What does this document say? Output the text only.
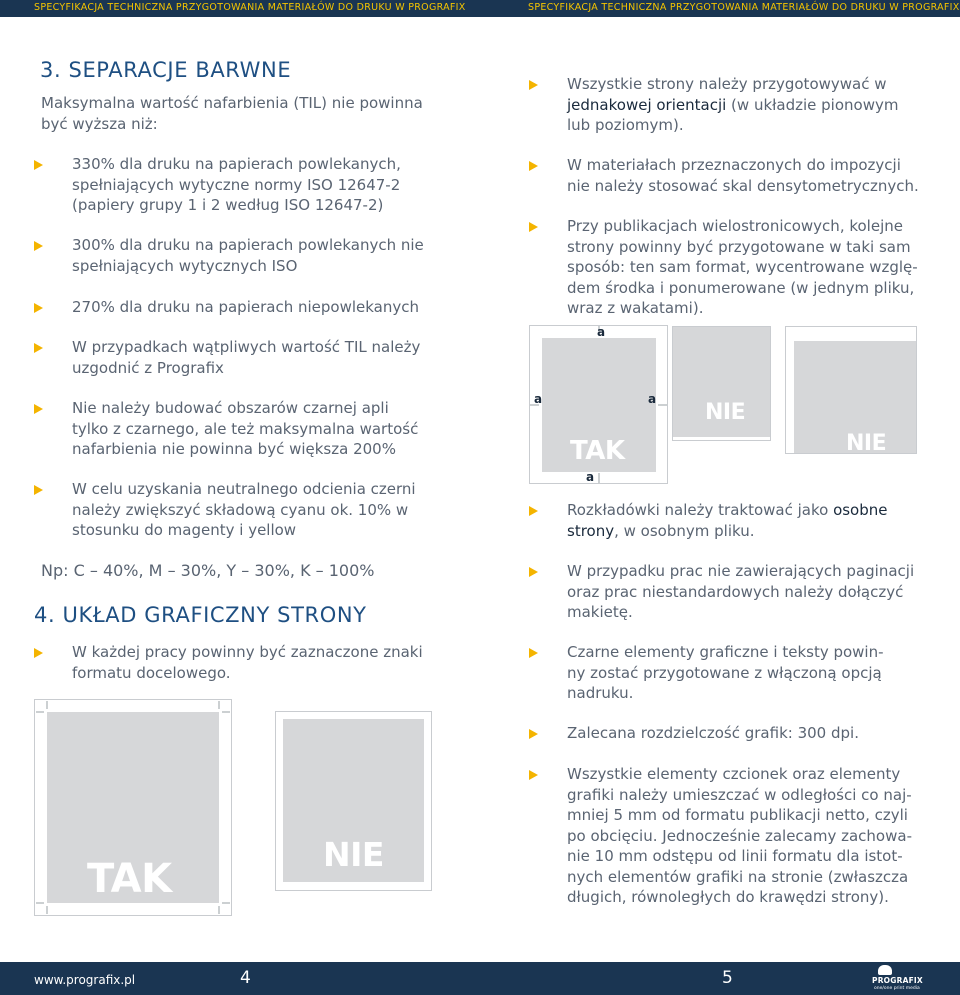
SPECYFIKACJA TECHNICZNA PRZYGOTOWANIA MATERIAŁÓW DO DRUKU W PROGRAFIX	SPECYFIKACJA TECHNICZNA PRZYGOTOWANIA MATERIAŁÓW DO DRUKU W PROGRAFIX
3. SEPARACJE BARWNE
Maksymalna wartość nafarbienia (TIL) nie powinna
być wyższa niż:
330% dla druku na papierach powlekanych,
spełniających wytyczne normy ISO 12647-2
(papiery grupy 1 i 2 według ISO 12647-2)
300% dla druku na papierach powlekanych nie
spełniających wytycznych ISO
270% dla druku na papierach niepowlekanych
W przypadkach wątpliwych wartość TIL należy
uzgodnić z Prografix
Nie należy budować obszarów czarnej apli
tylko z czarnego, ale też maksymalna wartość
nafarbienia nie powinna być większa 200%
W celu uzyskania neutralnego odcienia czerni
należy zwiększyć składową cyanu ok. 10% w
stosunku do magenty i yellow
Np: C – 40%, M – 30%, Y – 30%, K – 100%
4. UKŁAD GRAFICZNY STRONY
W każdej pracy powinny być zaznaczone znaki
formatu docelowego.
TAK
NIE
Wszystkie strony należy przygotowywać w
jednakowej orientacji (w układzie pionowym
lub poziomym).
W materiałach przeznaczonych do impozycji
nie należy stosować skal densytometrycznych.
Przy publikacjach wielostronicowych, kolejne
strony powinny być przygotowane w taki sam
sposób: ten sam format, wycentrowane wzglę-
dem środka i ponumerowane (w jednym pliku,
wraz z wakatami).
TAK
a
a	a
a
NIE
NIE
Rozkładówki należy traktować jako osobne
strony, w osobnym pliku.
W przypadku prac nie zawierających paginacji
oraz prac niestandardowych należy dołączyć
makietę.
Czarne elementy graficzne i teksty powin-
ny zostać przygotowane z włączoną opcją
nadruku.
Zalecana rozdzielczość grafik: 300 dpi.
Wszystkie elementy czcionek oraz elementy
grafiki należy umieszczać w odległości co naj-
mniej 5 mm od formatu publikacji netto, czyli
po obcięciu. Jednocześnie zalecamy zachowa-
nie 10 mm odstępu od linii formatu dla istot-
nych elementów grafiki na stronie (zwłaszcza
długich, równoległych do krawędzi strony).
www.prografix.pl	4	5	PROGRAFIX
one/one print media
